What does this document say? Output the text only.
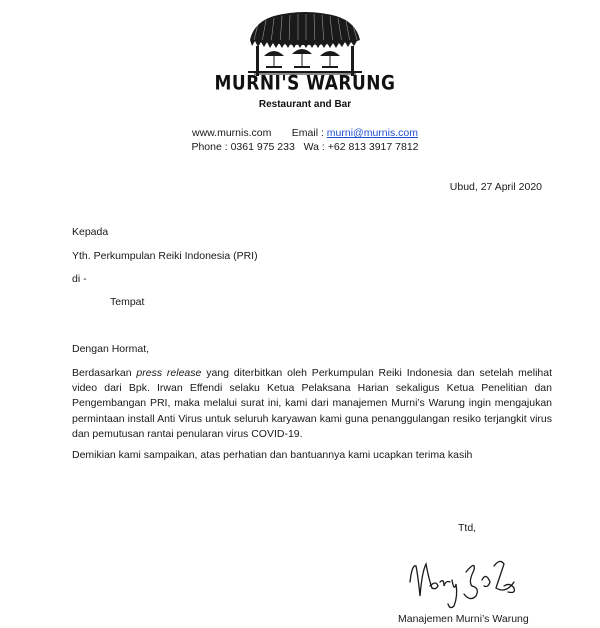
MURNI'S WARUNG
Restaurant and Bar
www.murnis.com Email : murni@murnis.com
Phone : 0361 975 233 Wa : +62 813 3917 7812
Ubud, 27 April 2020
Kepada
Yth. Perkumpulan Reiki Indonesia (PRI)
di -
Tempat
Dengan Hormat,
Berdasarkan press release yang diterbitkan oleh Perkumpulan Reiki Indonesia dan setelah melihat video dari Bpk. Irwan Effendi selaku Ketua Pelaksana Harian sekaligus Ketua Penelitian dan Pengembangan PRI, maka melalui surat ini, kami dari manajemen Murni’s Warung ingin mengajukan permintaan install Anti Virus untuk seluruh karyawan kami guna penanggulangan resiko terjangkit virus dan pemutusan rantai penularan virus COVID-19.
Demikian kami sampaikan, atas perhatian dan bantuannya kami ucapkan terima kasih
Ttd,
Manajemen Murni’s Warung
